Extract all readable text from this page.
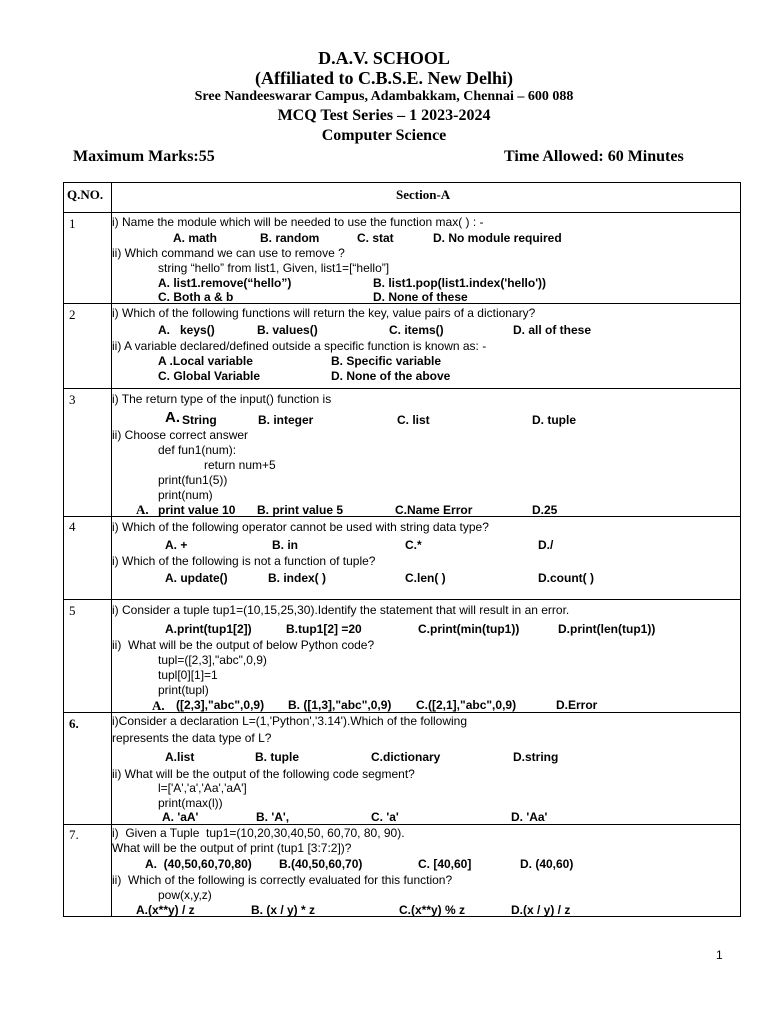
D.A.V. SCHOOL
(Affiliated to C.B.S.E. New Delhi)
Sree Nandeeswarar Campus, Adambakkam, Chennai – 600 088
MCQ Test Series – 1 2023-2024
Computer Science
Maximum Marks:55	Time Allowed: 60 Minutes
Q.NO.	Section-A
1	i) Name the module which will be needed to use the function max( ) : -
A. math	B. random	C. stat	D. No module required
ii) Which command we can use to remove ?
string “hello” from list1, Given, list1=[“hello”]
A. list1.remove(“hello”)	B. list1.pop(list1.index('hello'))
C. Both a & b	D. None of these
2	i) Which of the following functions will return the key, value pairs of a dictionary?
A.   keys()	B. values()	C. items()	D. all of these
ii) A variable declared/defined outside a specific function is known as: -
A .Local variable	B. Specific variable
C. Global Variable	D. None of the above
3	i) The return type of the input() function is
A. String	B. integer	C. list	D. tuple
ii) Choose correct answer
def fun1(num):
return num+5
print(fun1(5))
print(num)
A. print value 10 B. print value 5	C.Name Error	D.25
4	i) Which of the following operator cannot be used with string data type?
A. +	B. in	C.*	D./
i) Which of the following is not a function of tuple?
A. update()	B. index( )	C.len( )	D.count( )
5	i) Consider a tuple tup1=(10,15,25,30).Identify the statement that will result in an error.
A.print(tup1[2])	B.tup1[2] =20	C.print(min(tup1))	D.print(len(tup1))
ii)  What will be the output of below Python code?
tupl=([2,3],"abc",0,9)
tupl[0][1]=1
print(tupl)
A. ([2,3],"abc",0,9) B. ([1,3],"abc",0,9) C.([2,1],"abc",0,9)	D.Error
6.	i)Consider a declaration L=(1,'Python','3.14').Which of the following
represents the data type of L?
A.list	B. tuple	C.dictionary	D.string
ii) What will be the output of the following code segment?
l=['A','a','Aa','aA']
print(max(l))
A. 'aA'	B. 'A',	C. 'a'	D. 'Aa'
7.	i)  Given a Tuple  tup1=(10,20,30,40,50, 60,70, 80, 90).
What will be the output of print (tup1 [3:7:2])?
A.  (40,50,60,70,80) B.(40,50,60,70)	C. [40,60]	D. (40,60)
ii)  Which of the following is correctly evaluated for this function?
pow(x,y,z)
A.(x**y) / z	B. (x / y) * z	C.(x**y) % z	D.(x / y) / z
1
